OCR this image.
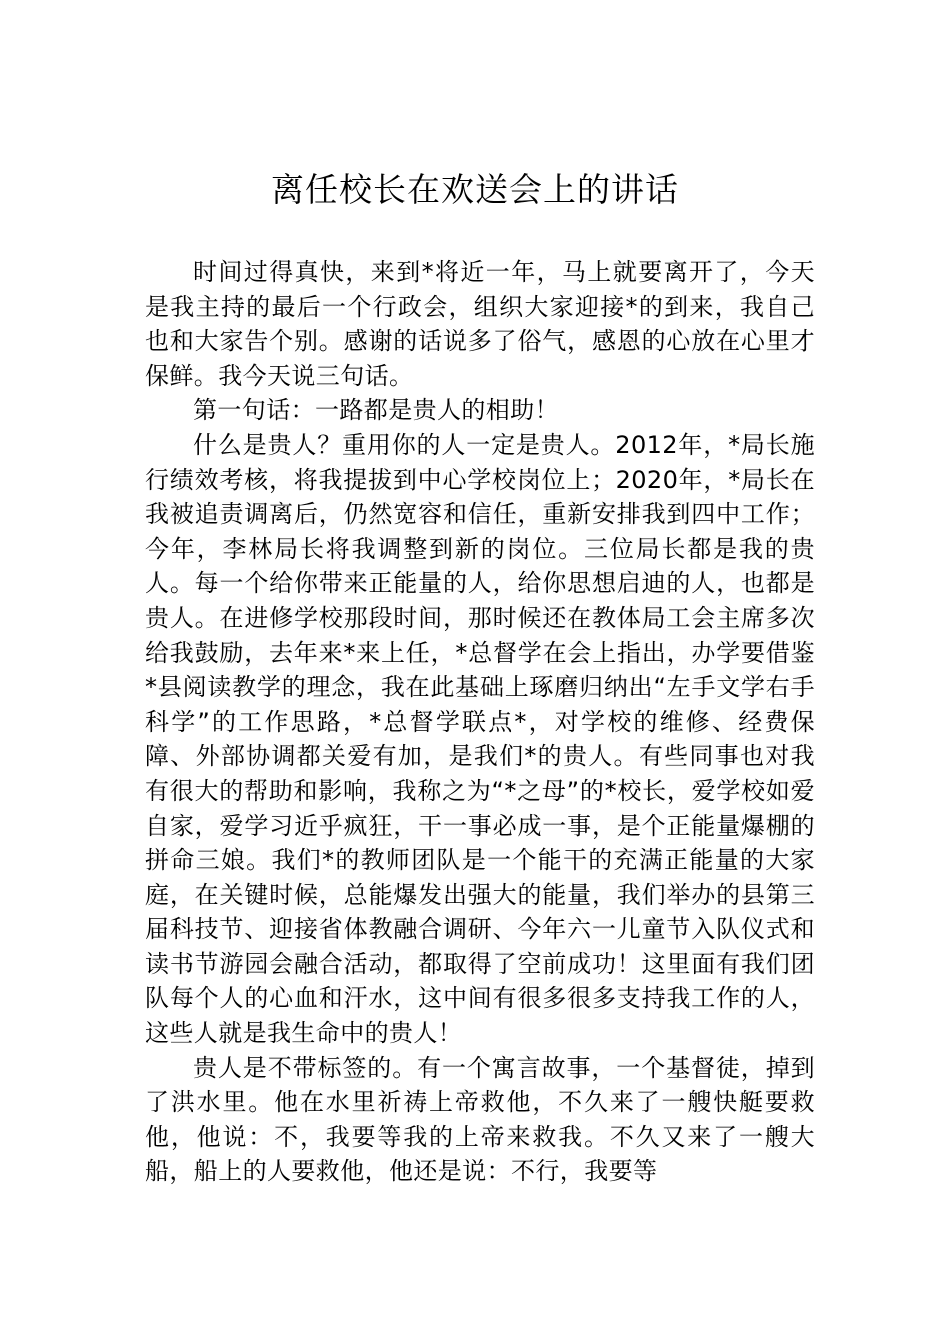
离任校长在欢送会上的讲话

时间过得真快，来到*将近一年，马上就要离开了，今天是我主持的最后一个行政会，组织大家迎接*的到来，我自己也和大家告个别。感谢的话说多了俗气，感恩的心放在心里才保鲜。我今天说三句话。

第一句话：一路都是贵人的相助！

什么是贵人？重用你的人一定是贵人。2012年，*局长施行绩效考核，将我提拔到中心学校岗位上；2020年，*局长在我被追责调离后，仍然宽容和信任，重新安排我到四中工作；今年，李林局长将我调整到新的岗位。三位局长都是我的贵人。每一个给你带来正能量的人，给你思想启迪的人，也都是贵人。在进修学校那段时间，那时候还在教体局工会主席多次给我鼓励，去年来*来上任，*总督学在会上指出，办学要借鉴*县阅读教学的理念，我在此基础上琢磨归纳出“左手文学右手科学”的工作思路，*总督学联点*，对学校的维修、经费保障、外部协调都关爱有加，是我们*的贵人。有些同事也对我有很大的帮助和影响，我称之为“*之母”的*校长，爱学校如爱自家，爱学习近乎疯狂，干一事必成一事，是个正能量爆棚的拼命三娘。我们*的教师团队是一个能干的充满正能量的大家庭，在关键时候，总能爆发出强大的能量，我们举办的县第三届科技节、迎接省体教融合调研、今年六一儿童节入队仪式和读书节游园会融合活动，都取得了空前成功！这里面有我们团队每个人的心血和汗水，这中间有很多很多支持我工作的人，这些人就是我生命中的贵人！

贵人是不带标签的。有一个寓言故事，一个基督徒，掉到了洪水里。他在水里祈祷上帝救他，不久来了一艘快艇要救他，他说：不，我要等我的上帝来救我。不久又来了一艘大船，船上的人要救他，他还是说：不行，我要等
